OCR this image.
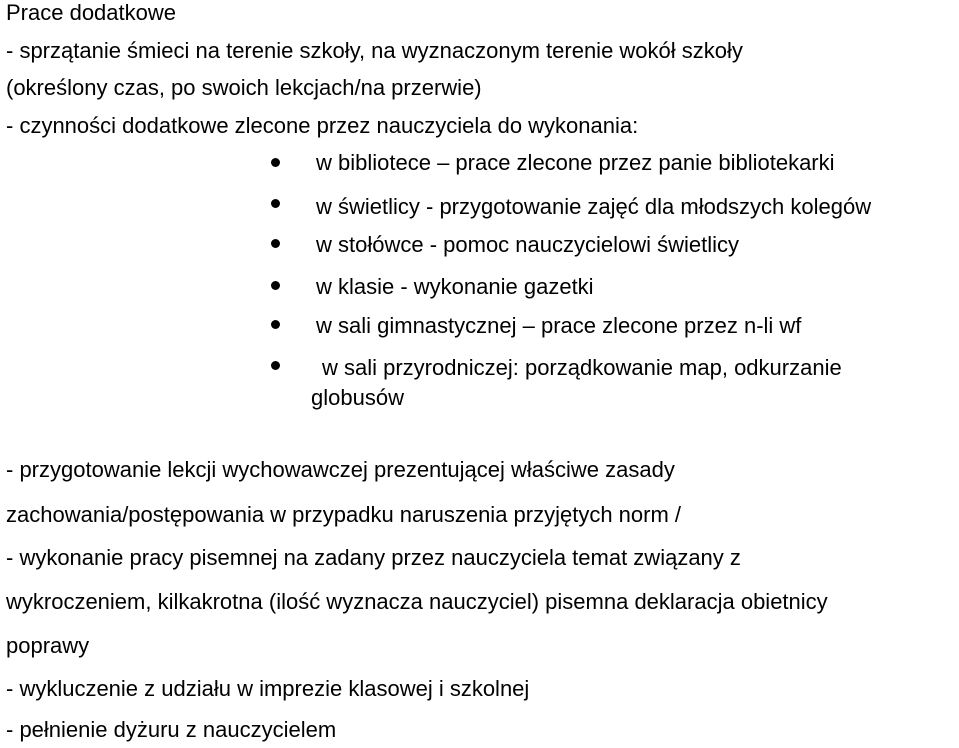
Prace dodatkowe
- sprzątanie śmieci na terenie szkoły, na wyznaczonym terenie wokół szkoły
(określony czas, po swoich lekcjach/na przerwie)
- czynności dodatkowe zlecone przez nauczyciela do wykonania:
w bibliotece – prace zlecone przez panie bibliotekarki
w świetlicy - przygotowanie zajęć dla młodszych kolegów
w stołówce - pomoc nauczycielowi świetlicy
w klasie - wykonanie gazetki
w sali gimnastycznej – prace zlecone przez n-li wf
w sali przyrodniczej: porządkowanie map, odkurzanie
globusów
- przygotowanie lekcji wychowawczej prezentującej właściwe zasady
zachowania/postępowania w przypadku naruszenia przyjętych norm /
- wykonanie pracy pisemnej na zadany przez nauczyciela temat związany z
wykroczeniem, kilkakrotna (ilość wyznacza nauczyciel) pisemna deklaracja obietnicy
poprawy
- wykluczenie z udziału w imprezie klasowej i szkolnej
- pełnienie dyżuru z nauczycielem
